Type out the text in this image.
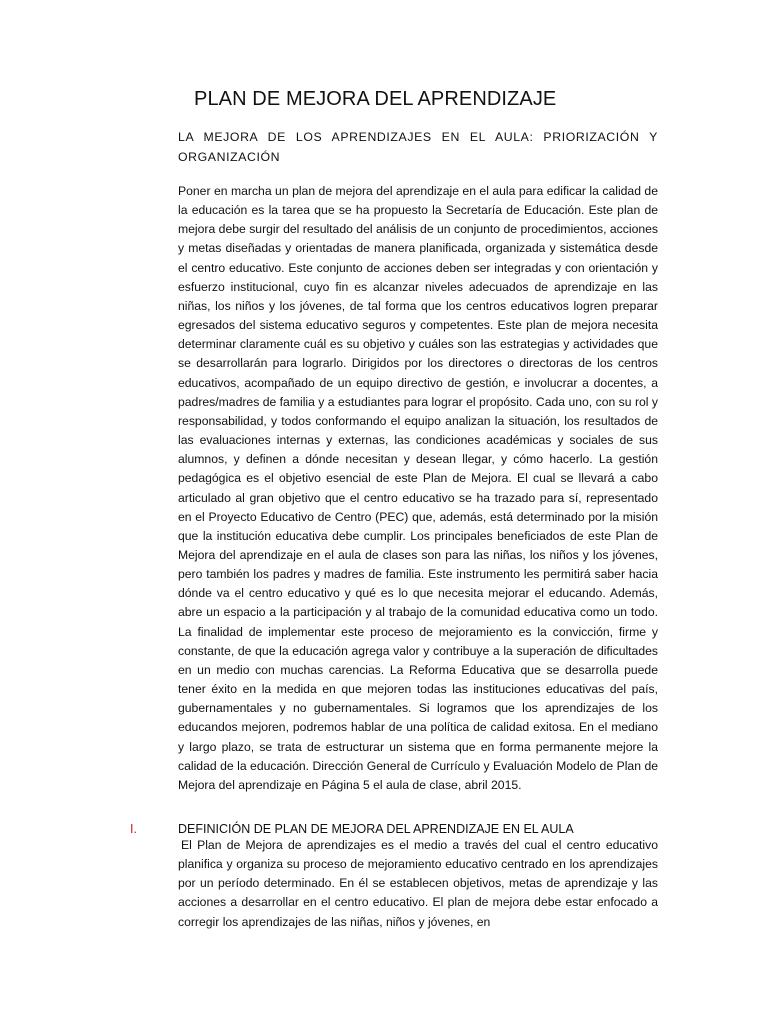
PLAN DE MEJORA DEL APRENDIZAJE
LA MEJORA DE LOS APRENDIZAJES EN EL AULA: PRIORIZACIÓN Y ORGANIZACIÓN

Poner en marcha un plan de mejora del aprendizaje en el aula para edificar la calidad de la educación es la tarea que se ha propuesto la Secretaría de Educación. Este plan de mejora debe surgir del resultado del análisis de un conjunto de procedimientos, acciones y metas diseñadas y orientadas de manera planificada, organizada y sistemática desde el centro educativo. Este conjunto de acciones deben ser integradas y con orientación y esfuerzo institucional, cuyo fin es alcanzar niveles adecuados de aprendizaje en las niñas, los niños y los jóvenes, de tal forma que los centros educativos logren preparar egresados del sistema educativo seguros y competentes. Este plan de mejora necesita determinar claramente cuál es su objetivo y cuáles son las estrategias y actividades que se desarrollarán para lograrlo. Dirigidos por los directores o directoras de los centros educativos, acompañado de un equipo directivo de gestión, e involucrar a docentes, a padres/madres de familia y a estudiantes para lograr el propósito. Cada uno, con su rol y responsabilidad, y todos conformando el equipo analizan la situación, los resultados de las evaluaciones internas y externas, las condiciones académicas y sociales de sus alumnos, y definen a dónde necesitan y desean llegar, y cómo hacerlo. La gestión pedagógica es el objetivo esencial de este Plan de Mejora. El cual se llevará a cabo articulado al gran objetivo que el centro educativo se ha trazado para sí, representado en el Proyecto Educativo de Centro (PEC) que, además, está determinado por la misión que la institución educativa debe cumplir. Los principales beneficiados de este Plan de Mejora del aprendizaje en el aula de clases son para las niñas, los niños y los jóvenes, pero también los padres y madres de familia. Este instrumento les permitirá saber hacia dónde va el centro educativo y qué es lo que necesita mejorar el educando. Además, abre un espacio a la participación y al trabajo de la comunidad educativa como un todo. La finalidad de implementar este proceso de mejoramiento es la convicción, firme y constante, de que la educación agrega valor y contribuye a la superación de dificultades en un medio con muchas carencias. La Reforma Educativa que se desarrolla puede tener éxito en la medida en que mejoren todas las instituciones educativas del país, gubernamentales y no gubernamentales. Si logramos que los aprendizajes de los educandos mejoren, podremos hablar de una política de calidad exitosa. En el mediano y largo plazo, se trata de estructurar un sistema que en forma permanente mejore la calidad de la educación. Dirección General de Currículo y Evaluación Modelo de Plan de Mejora del aprendizaje en Página 5 el aula de clase, abril 2015.

I.	DEFINICIÓN DE PLAN DE MEJORA DEL APRENDIZAJE EN EL AULA

El Plan de Mejora de aprendizajes es el medio a través del cual el centro educativo planifica y organiza su proceso de mejoramiento educativo centrado en los aprendizajes por un período determinado. En él se establecen objetivos, metas de aprendizaje y las acciones a desarrollar en el centro educativo. El plan de mejora debe estar enfocado a corregir los aprendizajes de las niñas, niños y jóvenes, en
